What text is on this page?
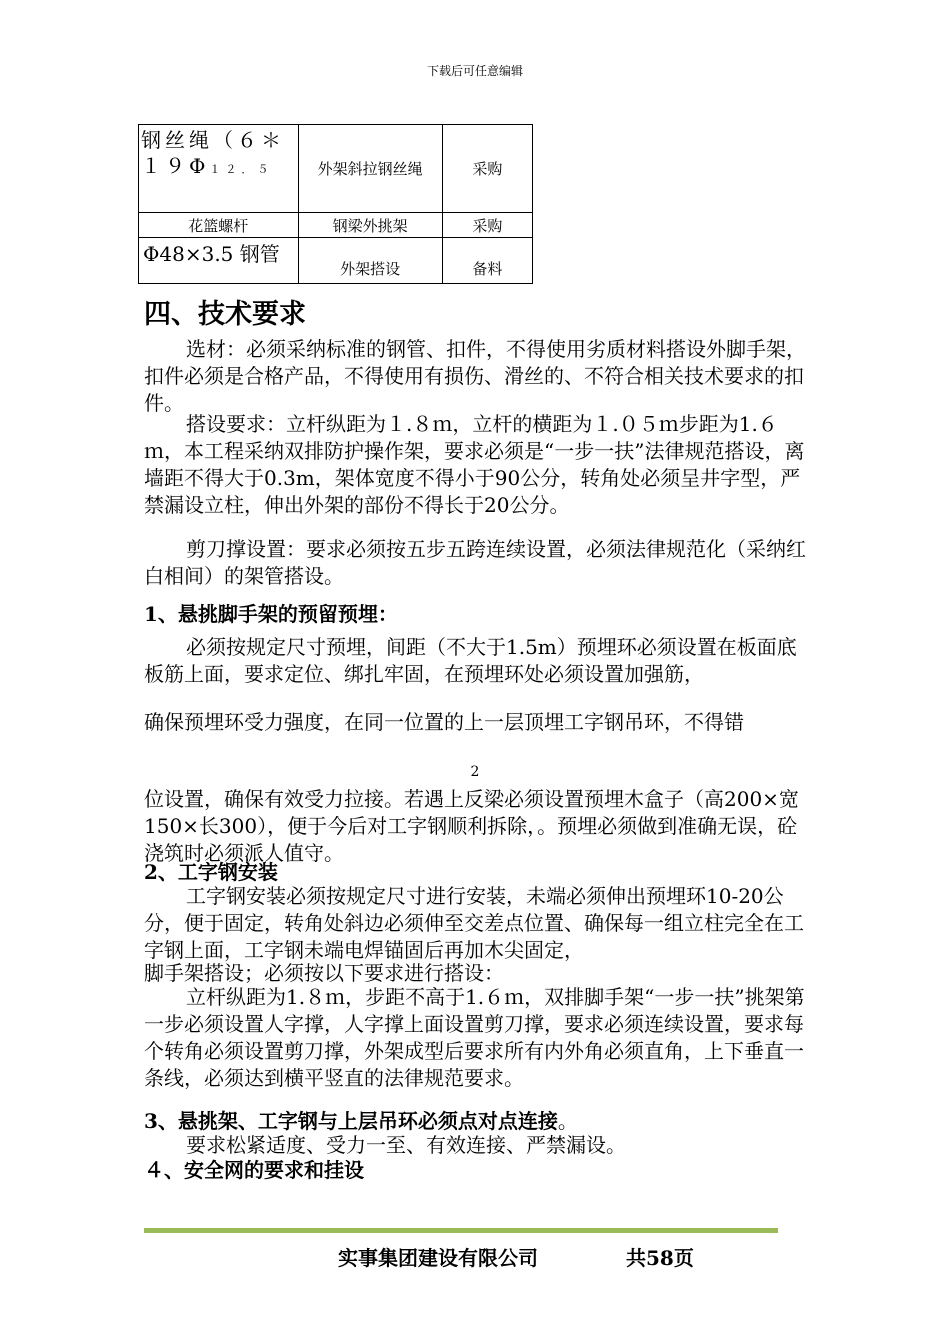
下载后可任意编辑
钢丝绳（６＊
１９Φ１２．５	外架斜拉钢丝绳	采购
花篮螺杆	钢梁外挑架	采购
Φ48×3.5 钢管	外架搭设	备料
四、技术要求

选材：必须采纳标准的钢管、扣件，不得使用劣质材料搭设外脚手架，扣件必须是合格产品，不得使用有损伤、滑丝的、不符合相关技术要求的扣件。

搭设要求：立杆纵距为１.８ｍ，立杆的横距为１.０５ｍ步距为1.６ｍ，本工程采纳双排防护操作架，要求必须是“一步一扶”法律规范搭设，离墙距不得大于0.3m，架体宽度不得小于90公分，转角处必须呈井字型，严禁漏设立柱，伸出外架的部份不得长于20公分。

剪刀撑设置：要求必须按五步五跨连续设置，必须法律规范化（采纳红白相间）的架管搭设。

1、悬挑脚手架的预留预埋：

必须按规定尺寸预埋，间距（不大于1.5m）预埋环必须设置在板面底板筋上面，要求定位、绑扎牢固，在预埋环处必须设置加强筋，

确保预埋环受力强度，在同一位置的上一层顶埋工字钢吊环，不得错

2

位设置，确保有效受力拉接。若遇上反梁必须设置预埋木盒子（高200×宽150×长300），便于今后对工字钢顺利拆除，。预埋必须做到准确无误，砼浇筑时必须派人值守。

2、工字钢安装

工字钢安装必须按规定尺寸进行安装，未端必须伸出预埋环10-20公分，便于固定，转角处斜边必须伸至交差点位置、确保每一组立柱完全在工字钢上面，工字钢未端电焊锚固后再加木尖固定，

脚手架搭设；必须按以下要求进行搭设：

立杆纵距为1.８ｍ，步距不高于1.６ｍ，双排脚手架“一步一扶”挑架第一步必须设置人字撑，人字撑上面设置剪刀撑，要求必须连续设置，要求每个转角必须设置剪刀撑，外架成型后要求所有内外角必须直角，上下垂直一条线，必须达到横平竖直的法律规范要求。

3、悬挑架、工字钢与上层吊环必须点对点连接。

要求松紧适度、受力一至、有效连接、严禁漏设。

４、安全网的要求和挂设
实事集团建设有限公司	共58页
